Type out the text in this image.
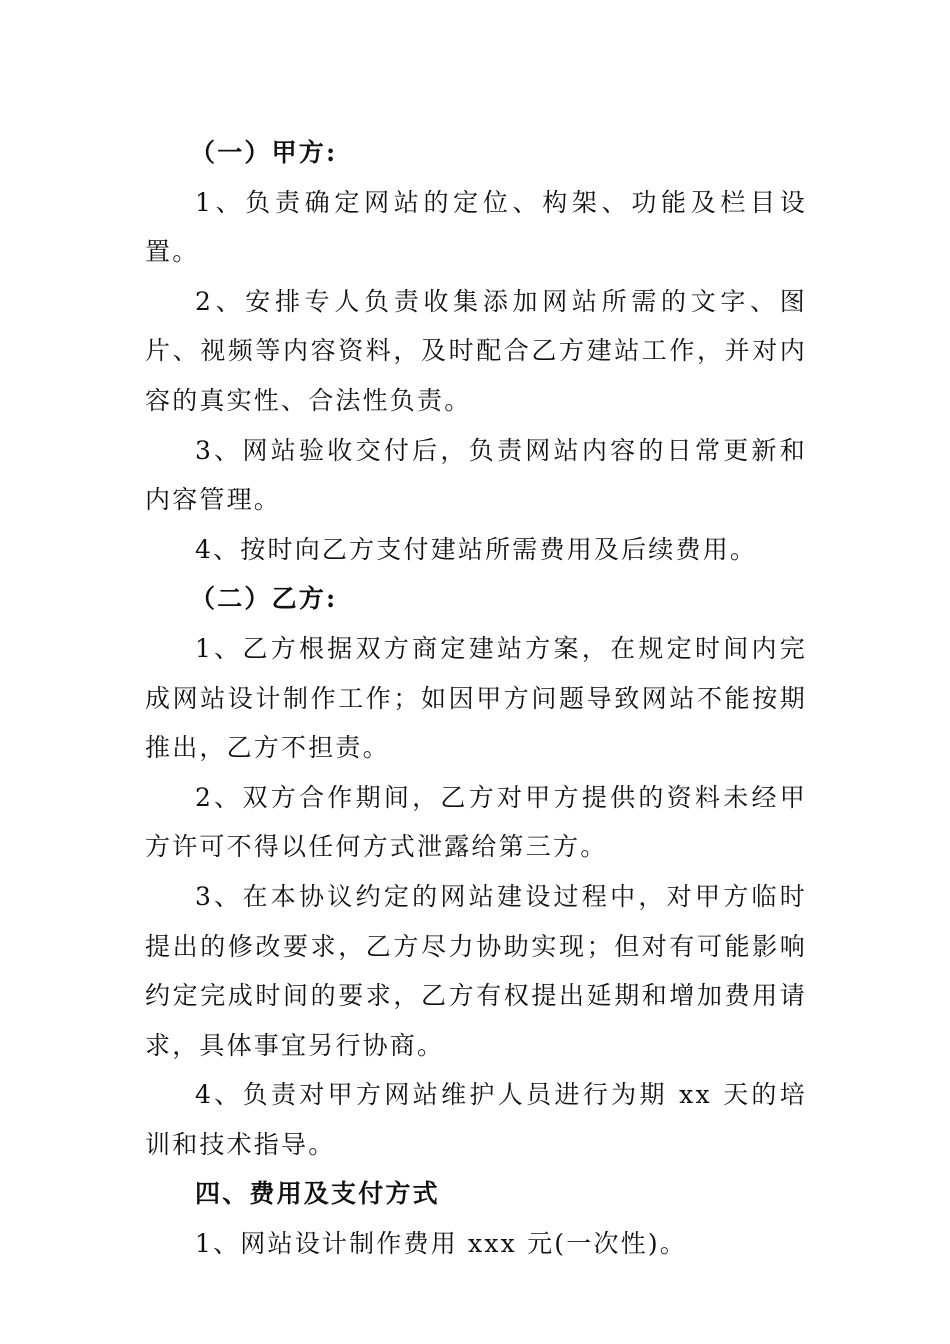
（一）甲方:

1、负责确定网站的定位、构架、功能及栏目设置。

2、安排专人负责收集添加网站所需的文字、图片、视频等内容资料，及时配合乙方建站工作，并对内容的真实性、合法性负责。

3、网站验收交付后，负责网站内容的日常更新和内容管理。

4、按时向乙方支付建站所需费用及后续费用。

（二）乙方:

1、乙方根据双方商定建站方案，在规定时间内完成网站设计制作工作；如因甲方问题导致网站不能按期推出，乙方不担责。

2、双方合作期间，乙方对甲方提供的资料未经甲方许可不得以任何方式泄露给第三方。

3、在本协议约定的网站建设过程中，对甲方临时提出的修改要求，乙方尽力协助实现；但对有可能影响约定完成时间的要求，乙方有权提出延期和增加费用请求，具体事宜另行协商。

4、负责对甲方网站维护人员进行为期 xx 天的培训和技术指导。

四、费用及支付方式

1、网站设计制作费用 xxx 元(一次性)。
